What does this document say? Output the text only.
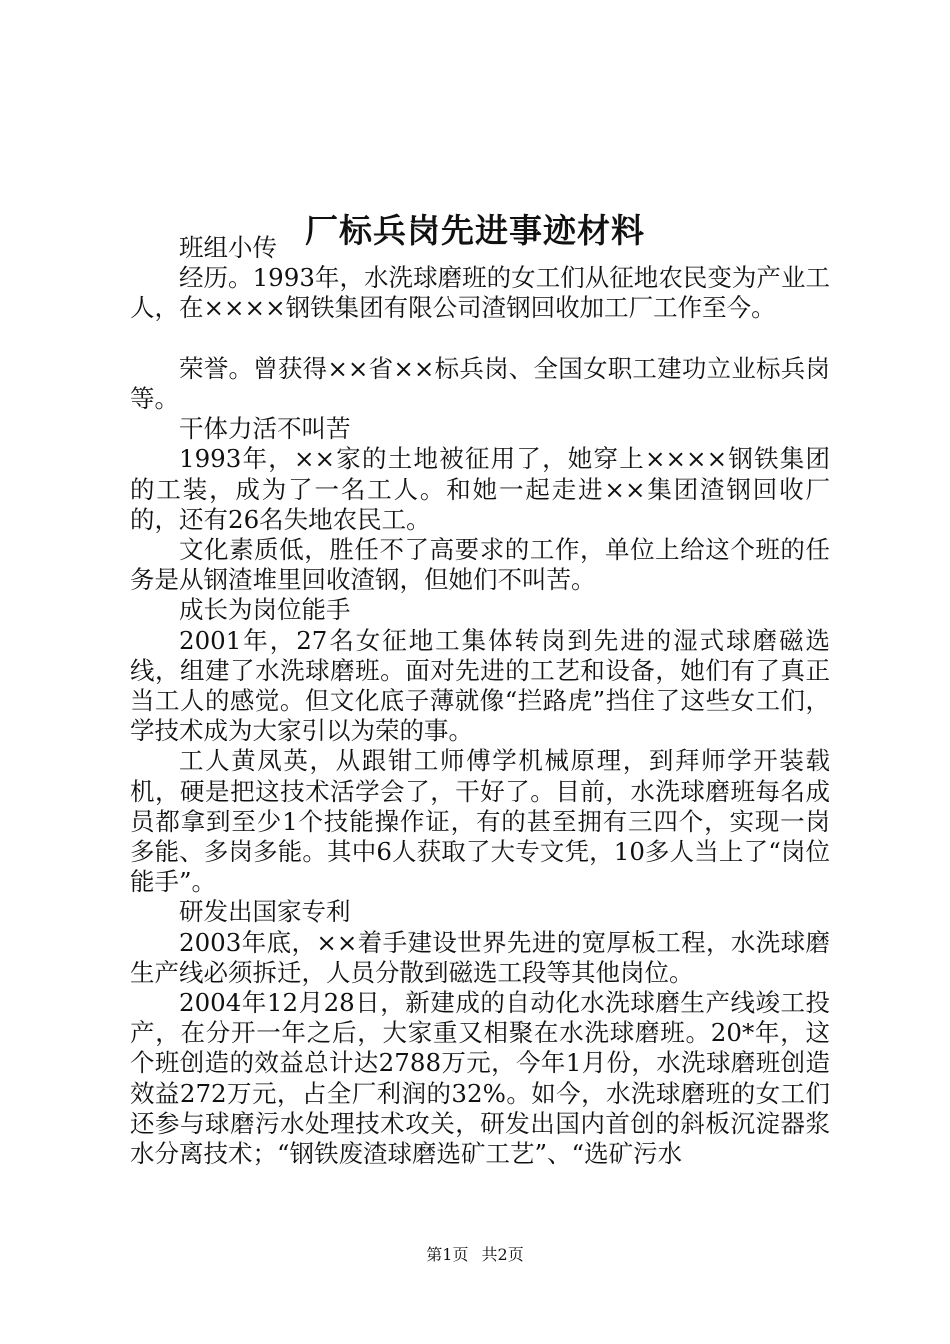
厂标兵岗先进事迹材料

班组小传

经历。1993年，水洗球磨班的女工们从征地农民变为产业工人，在××××钢铁集团有限公司渣钢回收加工厂工作至今。

荣誉。曾获得××省××标兵岗、全国女职工建功立业标兵岗等。

干体力活不叫苦

1993年，××家的土地被征用了，她穿上××××钢铁集团的工装，成为了一名工人。和她一起走进××集团渣钢回收厂的，还有26名失地农民工。

文化素质低，胜任不了高要求的工作，单位上给这个班的任务是从钢渣堆里回收渣钢，但她们不叫苦。

成长为岗位能手

2001年，27名女征地工集体转岗到先进的湿式球磨磁选线，组建了水洗球磨班。面对先进的工艺和设备，她们有了真正当工人的感觉。但文化底子薄就像“拦路虎”挡住了这些女工们，学技术成为大家引以为荣的事。

工人黄凤英，从跟钳工师傅学机械原理，到拜师学开装载机，硬是把这技术活学会了，干好了。目前，水洗球磨班每名成员都拿到至少1个技能操作证，有的甚至拥有三四个，实现一岗多能、多岗多能。其中6人获取了大专文凭，10多人当上了“岗位能手”。

研发出国家专利

2003年底，××着手建设世界先进的宽厚板工程，水洗球磨生产线必须拆迁，人员分散到磁选工段等其他岗位。

2004年12月28日，新建成的自动化水洗球磨生产线竣工投产，在分开一年之后，大家重又相聚在水洗球磨班。20*年，这个班创造的效益总计达2788万元，今年1月份，水洗球磨班创造效益272万元，占全厂利润的32%。如今，水洗球磨班的女工们还参与球磨污水处理技术攻关，研发出国内首创的斜板沉淀器浆水分离技术；“钢铁废渣球磨选矿工艺”、“选矿污水

第1页 共2页
